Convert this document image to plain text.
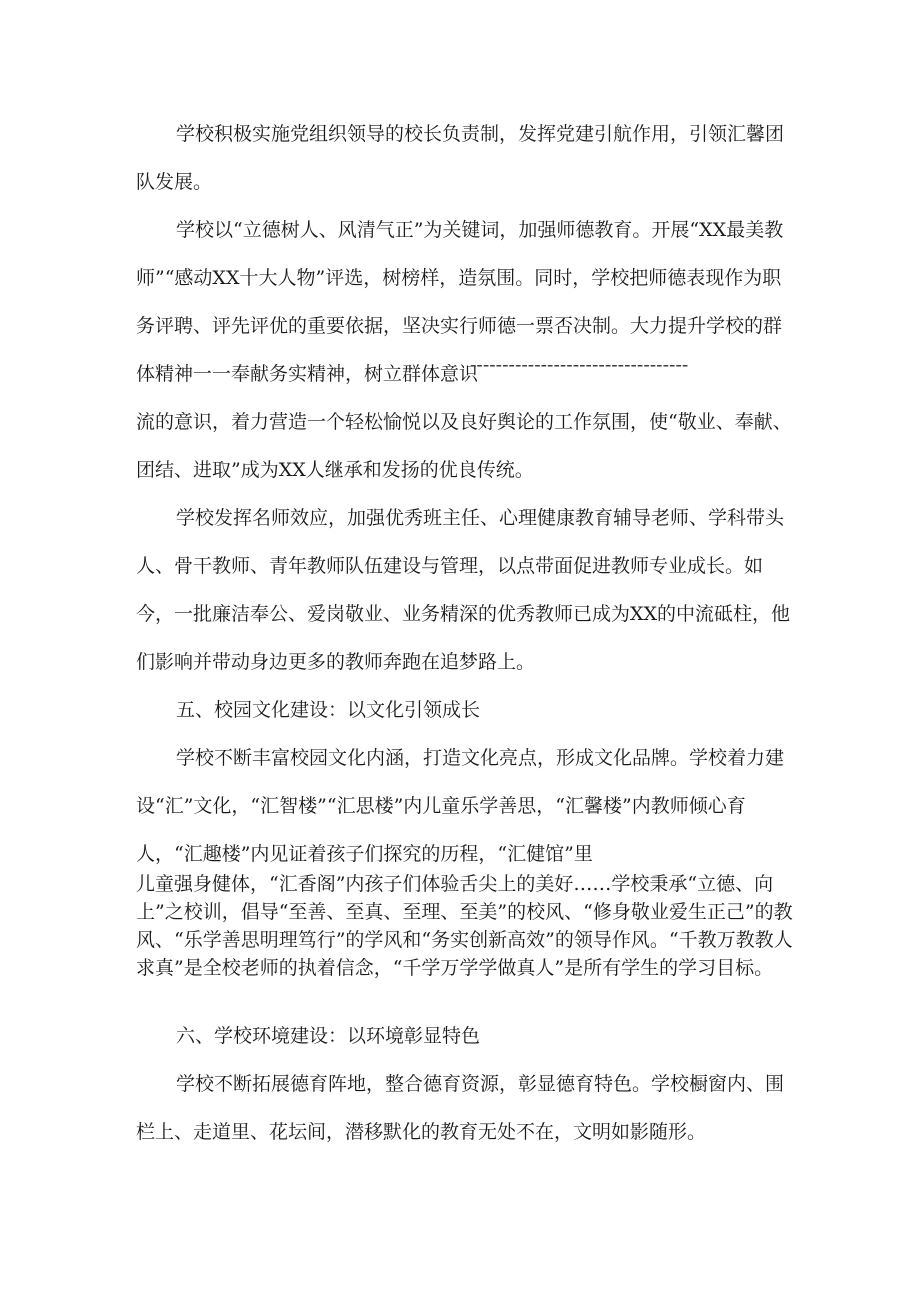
学校积极实施党组织领导的校长负责制，发挥党建引航作用，引领汇馨团队发展。

学校以“立德树人、风清气正”为关键词，加强师德教育。开展“XX最美教师”“感动XX十大人物”评选，树榜样，造氛围。同时，学校把师德表现作为职务评聘、评先评优的重要依据，坚决实行师德一票否决制。大力提升学校的群体精神一一奉献务实精神，树立群体意识

----------------------------------

流的意识，着力营造一个轻松愉悦以及良好舆论的工作氛围，使“敬业、奉献、团结、进取”成为XX人继承和发扬的优良传统。

学校发挥名师效应，加强优秀班主任、心理健康教育辅导老师、学科带头人、骨干教师、青年教师队伍建设与管理，以点带面促进教师专业成长。如今，一批廉洁奉公、爱岗敬业、业务精深的优秀教师已成为XX的中流砥柱，他们影响并带动身边更多的教师奔跑在追梦路上。

五、校园文化建设：以文化引领成长

学校不断丰富校园文化内涵，打造文化亮点，形成文化品牌。学校着力建设“汇”文化，“汇智楼”“汇思楼”内儿童乐学善思，“汇馨楼”内教师倾心育人，“汇趣楼”内见证着孩子们探究的历程，“汇健馆”里

儿童强身健体，“汇香阁”内孩子们体验舌尖上的美好……学校秉承“立德、向上”之校训，倡导“至善、至真、至理、至美”的校风、“修身敬业爱生正己”的教风、“乐学善思明理笃行”的学风和“务实创新高效”的领导作风。“千教万教教人求真”是全校老师的执着信念，“千学万学学做真人”是所有学生的学习目标。

六、学校环境建设：以环境彰显特色

学校不断拓展德育阵地，整合德育资源，彰显德育特色。学校橱窗内、围栏上、走道里、花坛间，潜移默化的教育无处不在，文明如影随形。
